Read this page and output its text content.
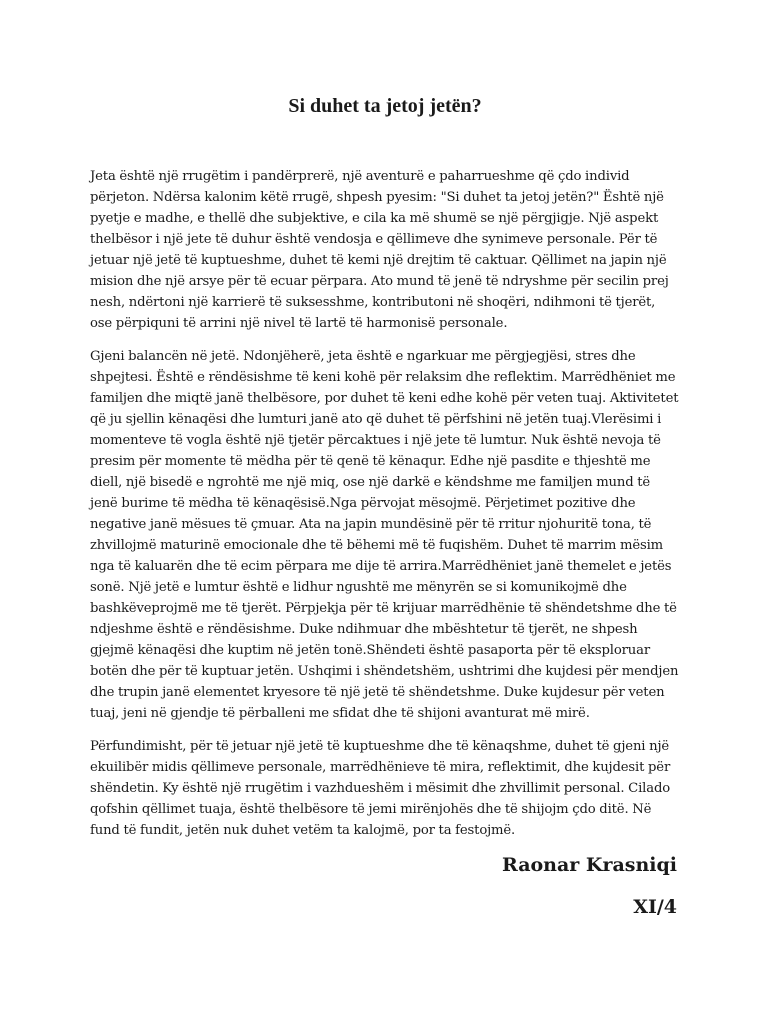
Si duhet ta jetoj jetën?

Jeta është një rrugëtim i pandërprerë, një aventurë e paharrueshme që çdo individ përjeton. Ndërsa kalonim këtë rrugë, shpesh pyesim: "Si duhet ta jetoj jetën?" Është një pyetje e madhe, e thellë dhe subjektive, e cila ka më shumë se një përgjigje. Një aspekt thelbësor i një jete të duhur është vendosja e qëllimeve dhe synimeve personale. Për të jetuar një jetë të kuptueshme, duhet të kemi një drejtim të caktuar. Qëllimet na japin një mision dhe një arsye për të ecuar përpara. Ato mund të jenë të ndryshme për secilin prej nesh, ndërtoni një karrierë të suksesshme, kontributoni në shoqëri, ndihmoni të tjerët, ose përpiquni të arrini një nivel të lartë të harmonisë personale.

Gjeni balancën në jetë. Ndonjëherë, jeta është e ngarkuar me përgjegjësi, stres dhe shpejtesi. Është e rëndësishme të keni kohë për relaksim dhe reflektim. Marrëdhëniet me familjen dhe miqtë janë thelbësore, por duhet të keni edhe kohë për veten tuaj. Aktivitetet që ju sjellin kënaqësi dhe lumturi janë ato që duhet të përfshini në jetën tuaj.Vlerësimi i momenteve të vogla është një tjetër përcaktues i një jete të lumtur. Nuk është nevoja të presim për momente të mëdha për të qenë të kënaqur. Edhe një pasdite e thjeshtë me diell, një bisedë e ngrohtë me një miq, ose një darkë e këndshme me familjen mund të jenë burime të mëdha të kënaqësisë.Nga përvojat mësojmë. Përjetimet pozitive dhe negative janë mësues të çmuar. Ata na japin mundësinë për të rritur njohuritë tona, të zhvillojmë maturinë emocionale dhe të bëhemi më të fuqishëm. Duhet të marrim mësim nga të kaluarën dhe të ecim përpara me dije të arrira.Marrëdhëniet janë themelet e jetës sonë. Një jetë e lumtur është e lidhur ngushtë me mënyrën se si komunikojmë dhe bashkëveprojmë me të tjerët. Përpjekja për të krijuar marrëdhënie të shëndetshme dhe të ndjeshme është e rëndësishme. Duke ndihmuar dhe mbështetur të tjerët, ne shpesh gjejmë kënaqësi dhe kuptim në jetën tonë.Shëndeti është pasaporta për të eksploruar botën dhe për të kuptuar jetën. Ushqimi i shëndetshëm, ushtrimi dhe kujdesi për mendjen dhe trupin janë elementet kryesore të një jetë të shëndetshme. Duke kujdesur për veten tuaj, jeni në gjendje të përballeni me sfidat dhe të shijoni avanturat më mirë.

Përfundimisht, për të jetuar një jetë të kuptueshme dhe të kënaqshme, duhet të gjeni një ekuilibër midis qëllimeve personale, marrëdhënieve të mira, reflektimit, dhe kujdesit për shëndetin. Ky është një rrugëtim i vazhdueshëm i mësimit dhe zhvillimit personal. Cilado qofshin qëllimet tuaja, është thelbësore të jemi mirënjohës dhe të shijojm çdo ditë. Në fund të fundit, jetën nuk duhet vetëm ta kalojmë, por ta festojmë.

Raonar Krasniqi
XI/4
